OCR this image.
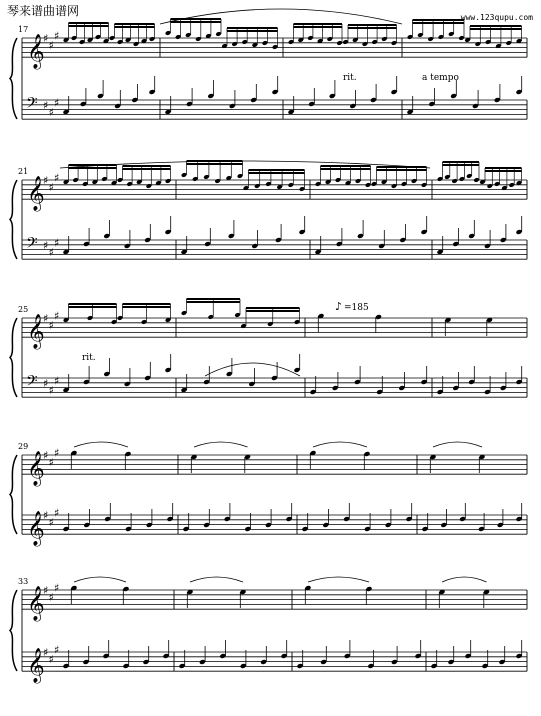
琴来谱曲谱网	www.123qupu.com
17
𝄞
♯
♯
♯
𝄢 ♯
♯
♯
rit.	a tempo
21
𝄞
♯
♯
♯
𝄢 ♯
♯
♯
25
𝄞
♯
♯
♯
𝄢 ♯
♯
♯
rit.
♪ =185
29
𝄞
♯
♯
♯
𝄞
♯
♯
♯
33
𝄞
♯
♯
♯
𝄞
♯
♯
♯
